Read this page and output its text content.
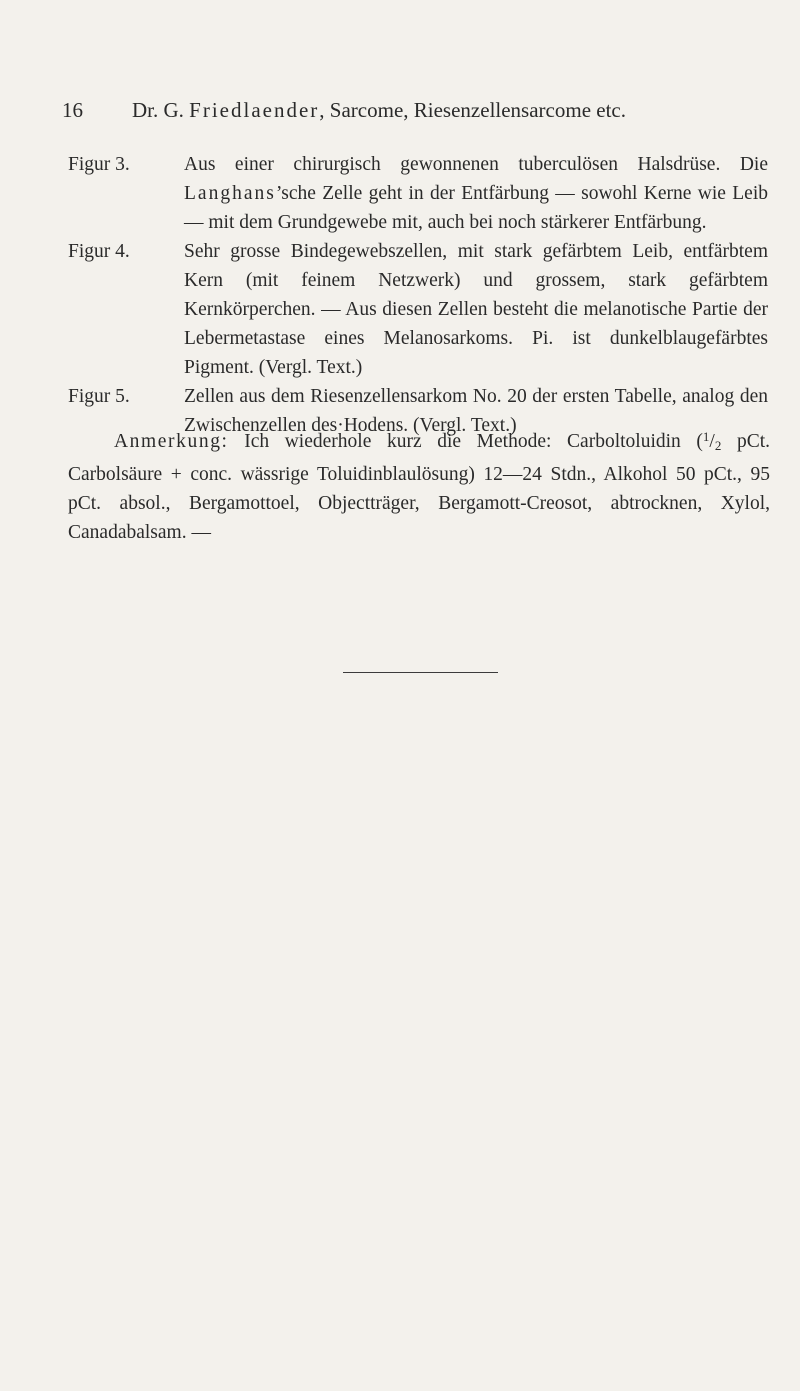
16 Dr. G. Friedlaender, Sarcome, Riesenzellensarcome etc.
Figur 3.	Aus einer chirurgisch gewonnenen tuberculösen Halsdrüse. Die Langhans’sche Zelle geht in der Entfärbung — sowohl Kerne wie Leib — mit dem Grundgewebe mit, auch bei noch stärkerer Entfärbung.
Figur 4.	Sehr grosse Bindegewebszellen, mit stark gefärbtem Leib, entfärbtem Kern (mit feinem Netzwerk) und grossem, stark gefärbtem Kernkörperchen. — Aus diesen Zellen besteht die melanotische Partie der Lebermetastase eines Melanosarkoms. Pi. ist dunkelblaugefärbtes Pigment. (Vergl. Text.)
Figur 5.	Zellen aus dem Riesenzellensarkom No. 20 der ersten Tabelle, analog den Zwischenzellen des·Hodens. (Vergl. Text.)
Anmerkung: Ich wiederhole kurz die Methode: Carboltoluidin ($^1$/2 pCt. Carbolsäure + conc. wässrige Toluidinblaulösung) 12—24 Stdn., Alkohol 50 pCt., 95 pCt. absol., Bergamottoel, Objectträger, Bergamott-Creosot, abtrocknen, Xylol, Canadabalsam. —
